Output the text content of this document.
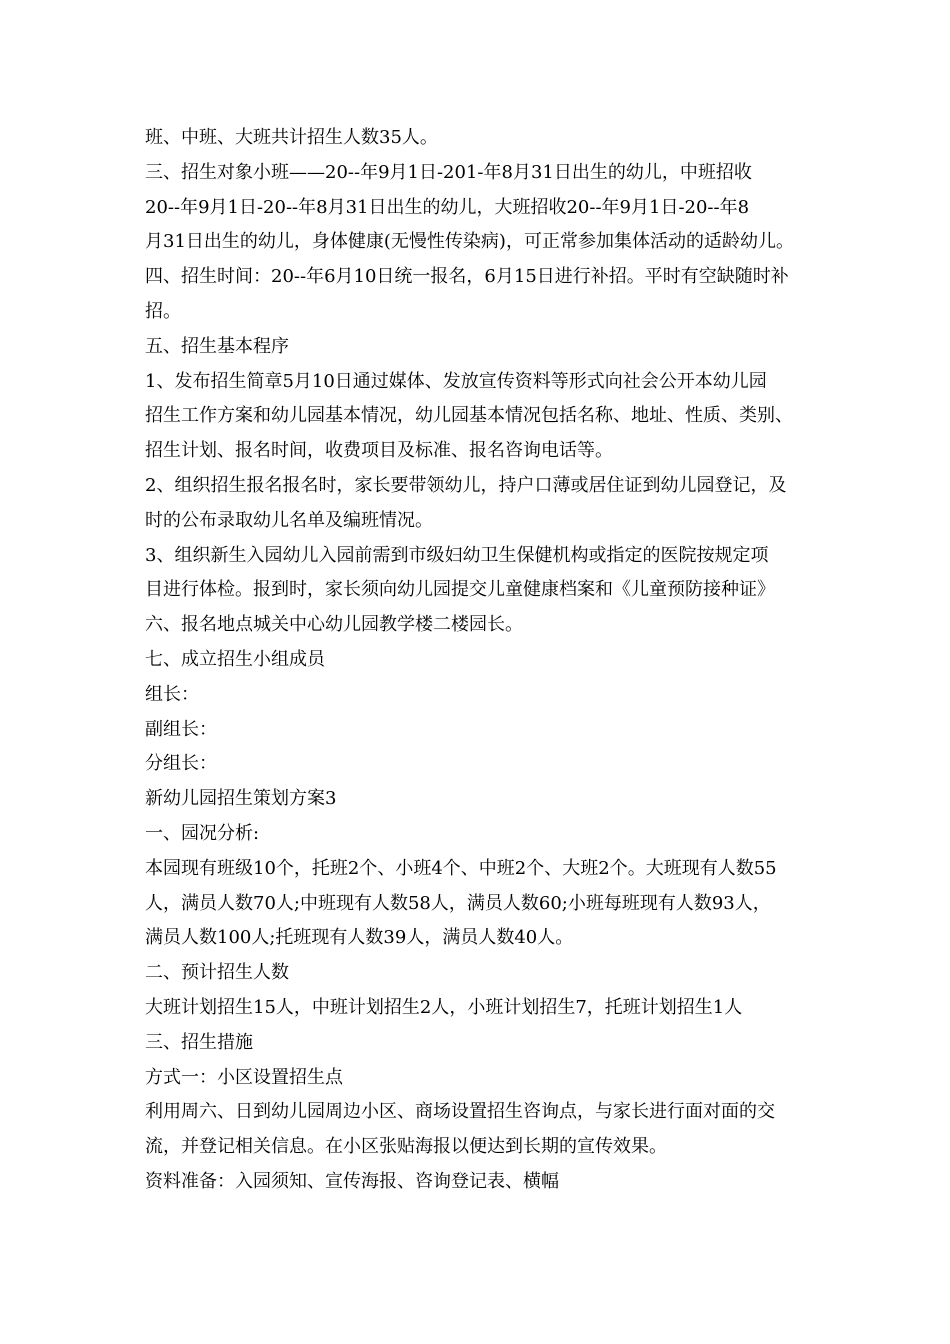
班、中班、大班共计招生人数35人。
三、招生对象小班——20--年9月1日-201-年8月31日出生的幼儿，中班招收
20--年9月1日-20--年8月31日出生的幼儿，大班招收20--年9月1日-20--年8
月31日出生的幼儿，身体健康(无慢性传染病)，可正常参加集体活动的适龄幼儿。
四、招生时间：20--年6月10日统一报名，6月15日进行补招。平时有空缺随时补
招。
五、招生基本程序
1、发布招生简章5月10日通过媒体、发放宣传资料等形式向社会公开本幼儿园
招生工作方案和幼儿园基本情况，幼儿园基本情况包括名称、地址、性质、类别、
招生计划、报名时间，收费项目及标准、报名咨询电话等。
2、组织招生报名报名时，家长要带领幼儿，持户口薄或居住证到幼儿园登记，及
时的公布录取幼儿名单及编班情况。
3、组织新生入园幼儿入园前需到市级妇幼卫生保健机构或指定的医院按规定项
目进行体检。报到时，家长须向幼儿园提交儿童健康档案和《儿童预防接种证》
六、报名地点城关中心幼儿园教学楼二楼园长。
七、成立招生小组成员
组长：
副组长：
分组长：
新幼儿园招生策划方案3
一、园况分析:
本园现有班级10个，托班2个、小班4个、中班2个、大班2个。大班现有人数55
人，满员人数70人;中班现有人数58人，满员人数60;小班每班现有人数93人，
满员人数100人;托班现有人数39人，满员人数40人。
二、预计招生人数
大班计划招生15人，中班计划招生2人，小班计划招生7，托班计划招生1人
三、招生措施
方式一：小区设置招生点
利用周六、日到幼儿园周边小区、商场设置招生咨询点，与家长进行面对面的交
流，并登记相关信息。在小区张贴海报以便达到长期的宣传效果。
资料准备：入园须知、宣传海报、咨询登记表、横幅
